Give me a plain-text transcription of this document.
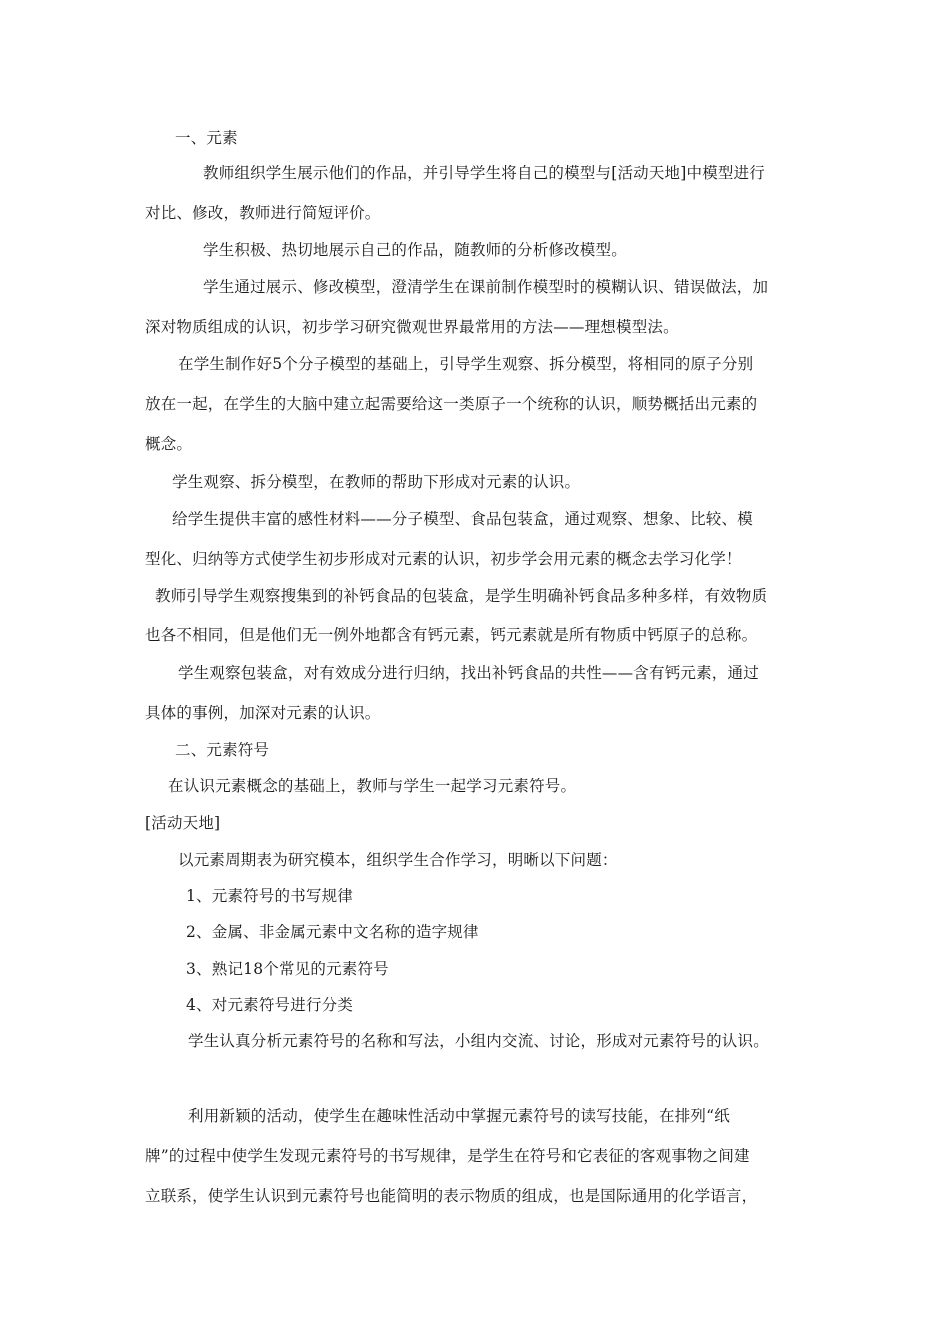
一、元素
教师组织学生展示他们的作品，并引导学生将自己的模型与[活动天地]中模型进行
对比、修改，教师进行简短评价。
学生积极、热切地展示自己的作品，随教师的分析修改模型。
学生通过展示、修改模型，澄清学生在课前制作模型时的模糊认识、错误做法，加
深对物质组成的认识，初步学习研究微观世界最常用的方法——理想模型法。
在学生制作好5个分子模型的基础上，引导学生观察、拆分模型，将相同的原子分别
放在一起，在学生的大脑中建立起需要给这一类原子一个统称的认识，顺势概括出元素的
概念。
学生观察、拆分模型，在教师的帮助下形成对元素的认识。
给学生提供丰富的感性材料——分子模型、食品包装盒，通过观察、想象、比较、模
型化、归纳等方式使学生初步形成对元素的认识，初步学会用元素的概念去学习化学！
教师引导学生观察搜集到的补钙食品的包装盒，是学生明确补钙食品多种多样，有效物质
也各不相同，但是他们无一例外地都含有钙元素，钙元素就是所有物质中钙原子的总称。
学生观察包装盒，对有效成分进行归纳，找出补钙食品的共性——含有钙元素，通过
具体的事例，加深对元素的认识。
二、元素符号
在认识元素概念的基础上，教师与学生一起学习元素符号。
[活动天地]
以元素周期表为研究模本，组织学生合作学习，明晰以下问题：
1、元素符号的书写规律
2、金属、非金属元素中文名称的造字规律
3、熟记18个常见的元素符号
4、对元素符号进行分类
学生认真分析元素符号的名称和写法，小组内交流、讨论，形成对元素符号的认识。
利用新颖的活动，使学生在趣味性活动中掌握元素符号的读写技能，在排列“纸
牌”的过程中使学生发现元素符号的书写规律，是学生在符号和它表征的客观事物之间建
立联系，使学生认识到元素符号也能简明的表示物质的组成，也是国际通用的化学语言，
